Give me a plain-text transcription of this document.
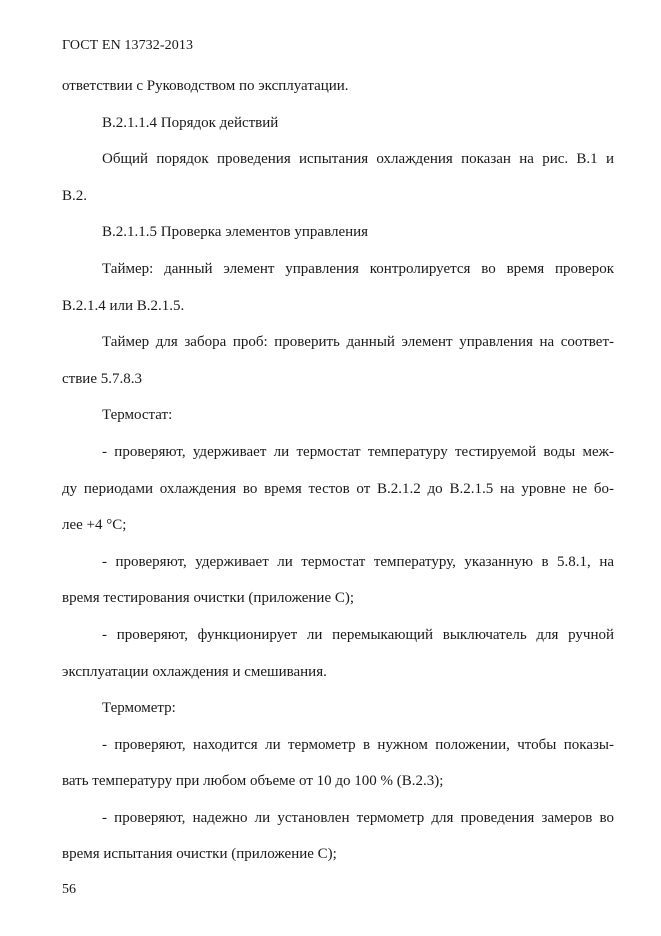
ГОСТ EN 13732-2013
ответствии с Руководством по эксплуатации.
В.2.1.1.4 Порядок действий
Общий порядок проведения испытания охлаждения показан на рис. В.1 и
В.2.
В.2.1.1.5 Проверка элементов управления
Таймер: данный элемент управления контролируется во время проверок
В.2.1.4 или В.2.1.5.
Таймер для забора проб: проверить данный элемент управления на соответ-
ствие 5.7.8.3
Термостат:
- проверяют, удерживает ли термостат температуру тестируемой воды меж-
ду периодами охлаждения во время тестов от В.2.1.2 до В.2.1.5 на уровне не бо-
лее +4 °С;
- проверяют, удерживает ли термостат температуру, указанную в 5.8.1, на
время тестирования очистки (приложение С);
- проверяют, функционирует ли перемыкающий выключатель для ручной
эксплуатации охлаждения и смешивания.
Термометр:
- проверяют, находится ли термометр в нужном положении, чтобы показы-
вать температуру при любом объеме от 10 до 100 % (В.2.3);
- проверяют, надежно ли установлен термометр для проведения замеров во
время испытания очистки (приложение С);
56
